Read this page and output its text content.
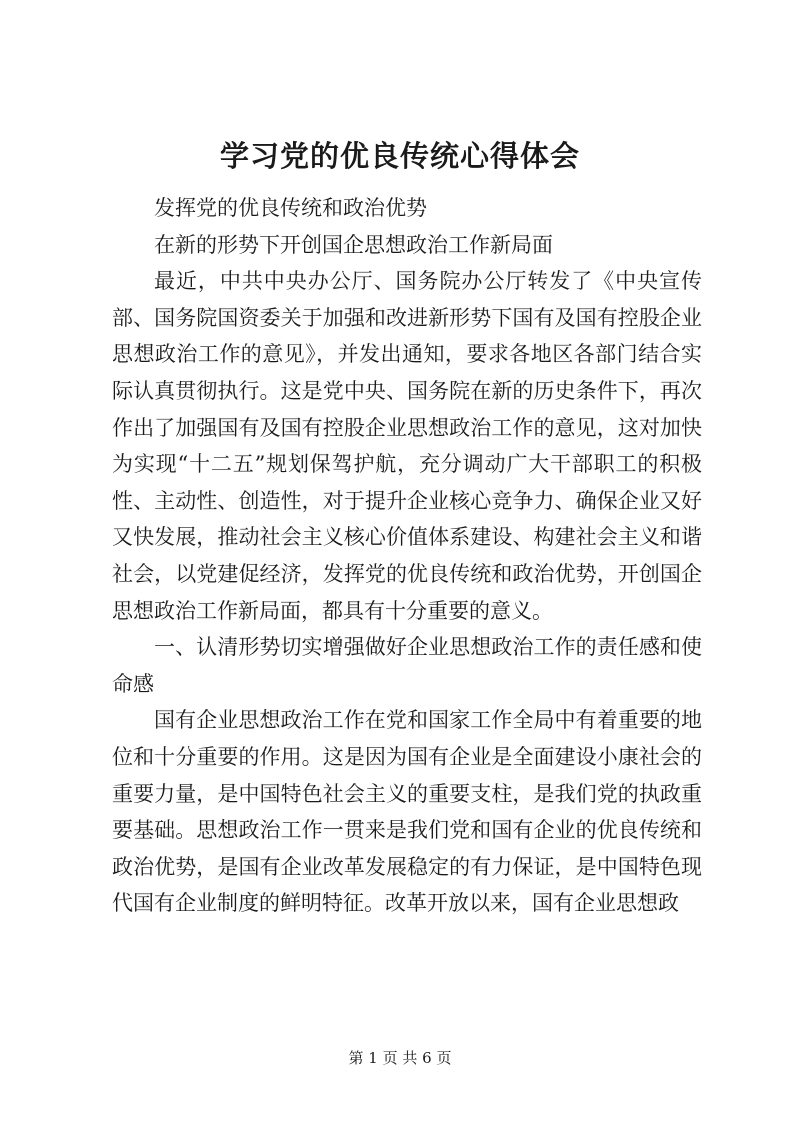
学习党的优良传统心得体会

发挥党的优良传统和政治优势

在新的形势下开创国企思想政治工作新局面

最近，中共中央办公厅、国务院办公厅转发了《中央宣传部、国务院国资委关于加强和改进新形势下国有及国有控股企业思想政治工作的意见》，并发出通知，要求各地区各部门结合实际认真贯彻执行。这是党中央、国务院在新的历史条件下，再次作出了加强国有及国有控股企业思想政治工作的意见，这对加快为实现“十二五”规划保驾护航，充分调动广大干部职工的积极性、主动性、创造性，对于提升企业核心竞争力、确保企业又好又快发展，推动社会主义核心价值体系建设、构建社会主义和谐社会，以党建促经济，发挥党的优良传统和政治优势，开创国企思想政治工作新局面，都具有十分重要的意义。

一、认清形势切实增强做好企业思想政治工作的责任感和使命感

国有企业思想政治工作在党和国家工作全局中有着重要的地位和十分重要的作用。这是因为国有企业是全面建设小康社会的重要力量，是中国特色社会主义的重要支柱，是我们党的执政重要基础。思想政治工作一贯来是我们党和国有企业的优良传统和政治优势，是国有企业改革发展稳定的有力保证，是中国特色现代国有企业制度的鲜明特征。改革开放以来，国有企业思想政

第 1 页 共 6 页
